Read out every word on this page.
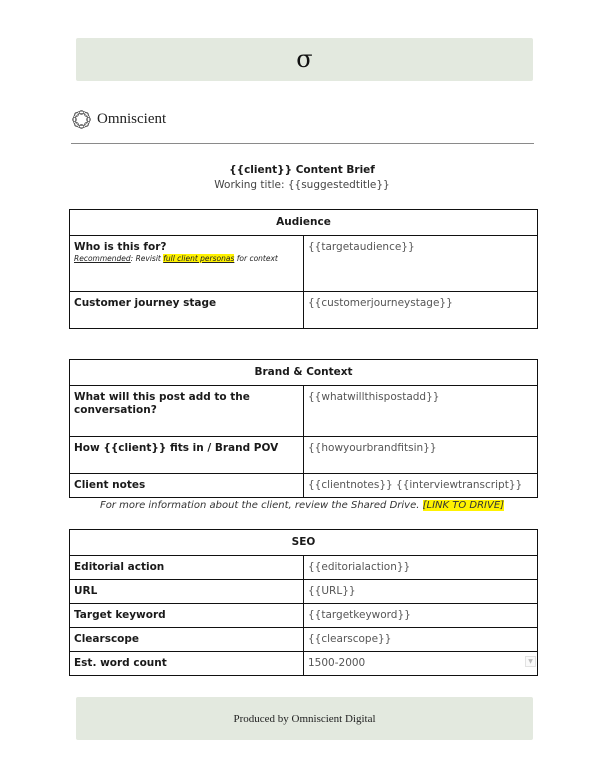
σ
Omniscient
{{client}} Content Brief
Working title: {{suggestedtitle}}
Audience	
Who is this for?
Recommended: Revisit full client personas for context	{{targetaudience}}
Customer journey stage	{{customerjourneystage}}
Brand & Context	
What will this post add to the conversation?	{{whatwillthispostadd}}
How {{client}} fits in / Brand POV	{{howyourbrandfitsin}}
Client notes	{{clientnotes}} {{interviewtranscript}}
For more information about the client, review the Shared Drive. [LINK TO DRIVE]
SEO	
Editorial action	{{editorialaction}}
URL	{{URL}}
Target keyword	{{targetkeyword}}
Clearscope	{{clearscope}}
Est. word count	1500-2000	▼
Produced by Omniscient Digital
